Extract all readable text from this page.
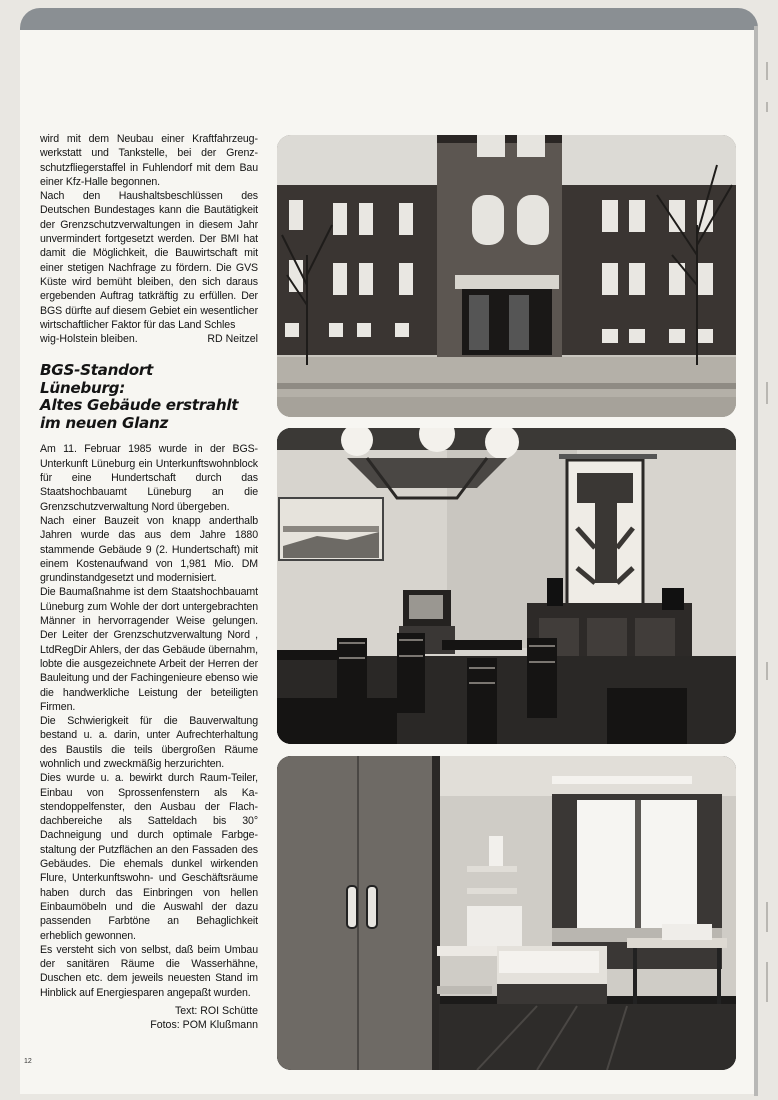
wird mit dem Neubau einer Kraftfahrzeugwerkstatt und Tankstelle, bei der Grenzschutzfliegerstaffel in Fuhlendorf mit dem Bau einer Kfz-Halle begonnen.

Nach den Haushaltsbeschlüssen des Deutschen Bundestages kann die Bautätigkeit der Grenzschutzverwaltungen in diesem Jahr unvermindert fortgesetzt werden. Der BMI hat damit die Möglichkeit, die Bauwirtschaft mit einer stetigen Nachfrage zu fördern. Die GVS Küste wird bemüht bleiben, den sich daraus ergebenden Auftrag tatkräftig zu erfüllen. Der BGS dürfte auf diesem Gebiet ein wesentlicher wirtschaftlicher Faktor für das Land Schles

wig-Holstein bleiben.	RD Neitzel

BGS-Standort
Lüneburg:
Altes Gebäude erstrahlt
im neuen Glanz

Am 11. Februar 1985 wurde in der BGS-Unterkunft Lüneburg ein Unterkunftswohnblock für eine Hundertschaft durch das Staatshochbauamt Lüneburg an die Grenzschutzverwaltung Nord übergeben.

Nach einer Bauzeit von knapp anderthalb Jahren wurde das aus dem Jahre 1880 stammende Gebäude 9 (2. Hundertschaft) mit einem Kostenaufwand von 1,981 Mio. DM grundinstandgesetzt und modernisiert.

Die Baumaßnahme ist dem Staatshochbauamt Lüneburg zum Wohle der dort untergebrachten Männer in hervorragender Weise gelungen. Der Leiter der Grenzschutzverwaltung Nord , LtdRegDir Ahlers, der das Gebäude übernahm, lobte die ausgezeichnete Arbeit der Herren der Bauleitung und der Fachingenieure ebenso wie die handwerkliche Leistung der beteiligten Firmen.

Die Schwierigkeit für die Bauverwaltung bestand u. a. darin, unter Aufrechterhaltung des Baustils die teils übergroßen Räume wohnlich und zweckmäßig herzurichten.

Dies wurde u. a. bewirkt durch Raum-Teiler, Einbau von Sprossenfenstern als Kastendoppelfenster, den Ausbau der Flachdachbereiche als Satteldach bis 30° Dachneigung und durch optimale Farbgestaltung der Putzflächen an den Fassaden des Gebäudes. Die ehemals dunkel wirkenden Flure, Unterkunftswohn- und Geschäftsräume haben durch das Einbringen von hellen Einbaumöbeln und die Auswahl der dazu passenden Farbtöne an Behaglichkeit erheblich gewonnen.

Es versteht sich von selbst, daß beim Umbau der sanitären Räume die Wasserhähne, Duschen etc. dem jeweils neuesten Stand im Hinblick auf Energiesparen angepaßt wurden.

Text: ROI Schütte
Fotos: POM Klußmann
12
